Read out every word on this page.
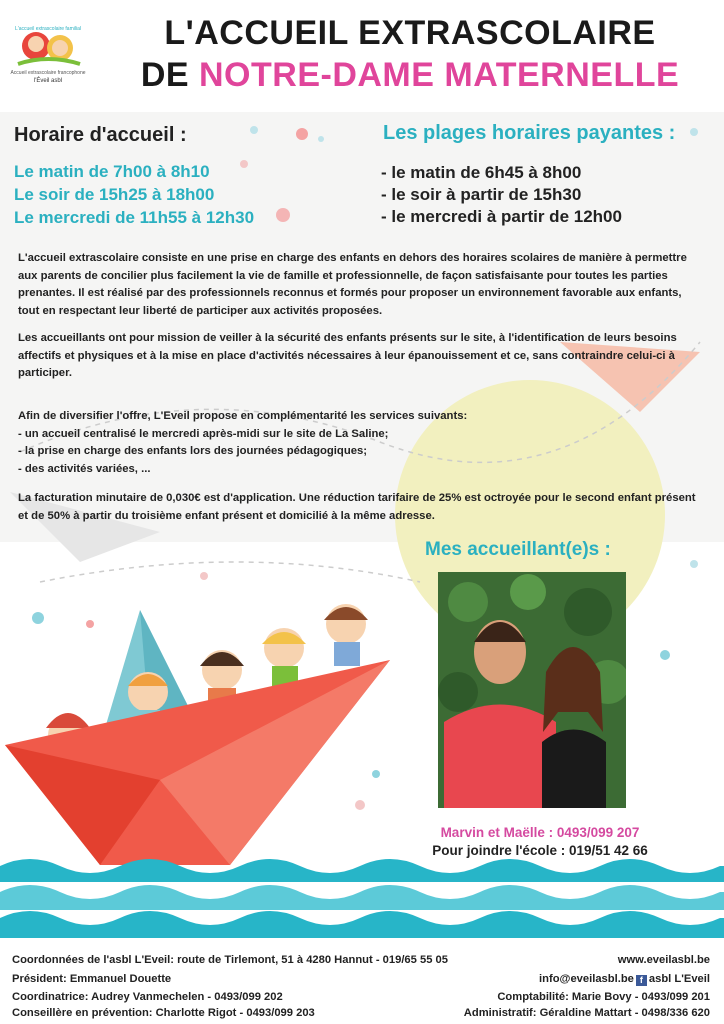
L'accueil extrascolaire familial
Accueil extrascolaire francophone
l'Éveil asbl
L'ACCUEIL EXTRASCOLAIRE
DE NOTRE-DAME MATERNELLE
Horaire d'accueil :	Les plages horaires payantes :
Le matin de 7h00 à 8h10
Le soir de 15h25 à 18h00
Le mercredi de 11h55 à 12h30
- le matin de 6h45 à 8h00
- le soir à partir de 15h30
- le mercredi à partir de 12h00
L'accueil extrascolaire consiste en une prise en charge des enfants en dehors des horaires scolaires de manière à permettre aux parents de concilier plus facilement la vie de famille et professionnelle, de façon satisfaisante pour toutes les parties prenantes. Il est réalisé par des professionnels reconnus et formés pour proposer un environnement favorable aux enfants, tout en respectant leur liberté de participer aux activités proposées.
Les accueillants ont pour mission de veiller à la sécurité des enfants présents sur le site, à l'identification de leurs besoins affectifs et physiques et à la mise en place d'activités nécessaires à leur épanouissement et ce, sans contraindre celui-ci à participer.
Afin de diversifier l'offre, L'Eveil propose en complémentarité les services suivants:
- un accueil centralisé le mercredi après-midi sur le site de La Saline;
- la prise en charge des enfants lors des journées pédagogiques;
- des activités variées, ...
La facturation minutaire de 0,030€ est d'application. Une réduction tarifaire de 25% est octroyée pour le second enfant présent et de 50% à partir du troisième enfant présent et domicilié à la même adresse.
Mes accueillant(e)s :
Marvin et Maëlle : 0493/099 207
Pour joindre l'école : 019/51 42 66
Coordonnées de l'asbl L'Eveil: route de Tirlemont, 51 à 4280 Hannut - 019/65 55 05
Président: Emmanuel Douette
Coordinatrice: Audrey Vanmechelen - 0493/099 202
Conseillère en prévention: Charlotte Rigot - 0493/099 203
www.eveilasbl.be
info@eveilasbl.be f asbl L'Eveil
Comptabilité: Marie Bovy - 0493/099 201
Administratif: Géraldine Mattart - 0498/336 620
